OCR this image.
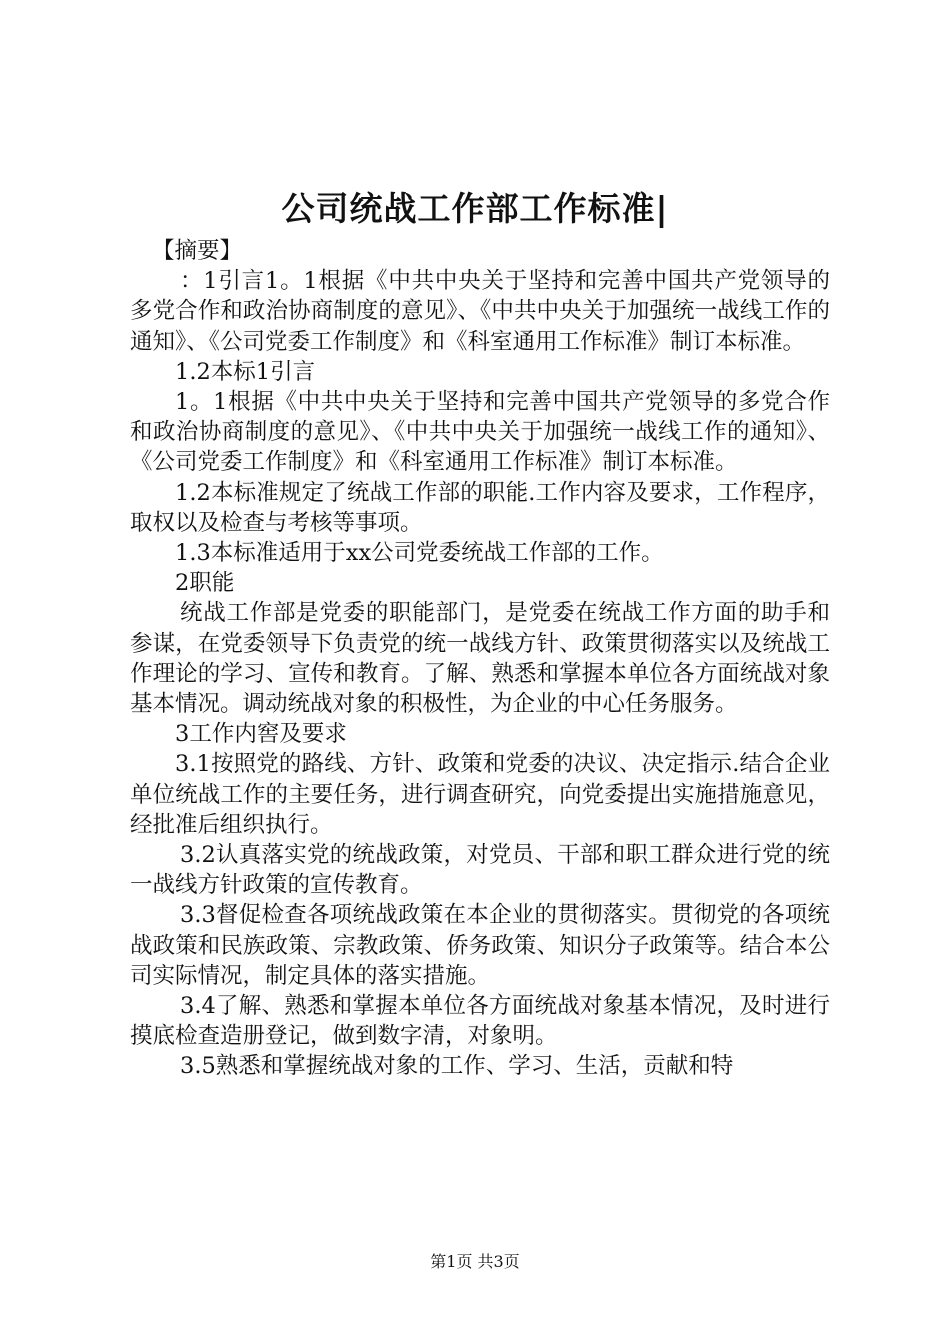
公司统战工作部工作标准|

【摘要】

：1引言1。1根据《中共中央关于坚持和完善中国共产党领导的多党合作和政治协商制度的意见》、《中共中央关于加强统一战线工作的通知》、《公司党委工作制度》和《科室通用工作标准》制订本标准。

1.2本标1引言

1。1根据《中共中央关于坚持和完善中国共产党领导的多党合作和政治协商制度的意见》、《中共中央关于加强统一战线工作的通知》、《公司党委工作制度》和《科室通用工作标准》制订本标准。

1.2本标准规定了统战工作部的职能.工作内容及要求，工作程序，取权以及检查与考核等事项。

1.3本标准适用于xx公司党委统战工作部的工作。

2职能

统战工作部是党委的职能部门，是党委在统战工作方面的助手和参谋，在党委领导下负责党的统一战线方针、政策贯彻落实以及统战工作理论的学习、宣传和教育。了解、熟悉和掌握本单位各方面统战对象基本情况。调动统战对象的积极性，为企业的中心任务服务。

3工作内窖及要求

3.1按照党的路线、方针、政策和党委的决议、决定指示.结合企业单位统战工作的主要任务，进行调查研究，向党委提出实施措施意见，经批准后组织执行。

3.2认真落实党的统战政策，对党员、干部和职工群众进行党的统一战线方针政策的宣传教育。

3.3督促检查各项统战政策在本企业的贯彻落实。贯彻党的各项统战政策和民族政策、宗教政策、侨务政策、知识分子政策等。结合本公司实际情况，制定具体的落实措施。

3.4了解、熟悉和掌握本单位各方面统战对象基本情况，及时进行摸底检查造册登记，做到数字清，对象明。

3.5熟悉和掌握统战对象的工作、学习、生活，贡献和特

第1页 共3页
